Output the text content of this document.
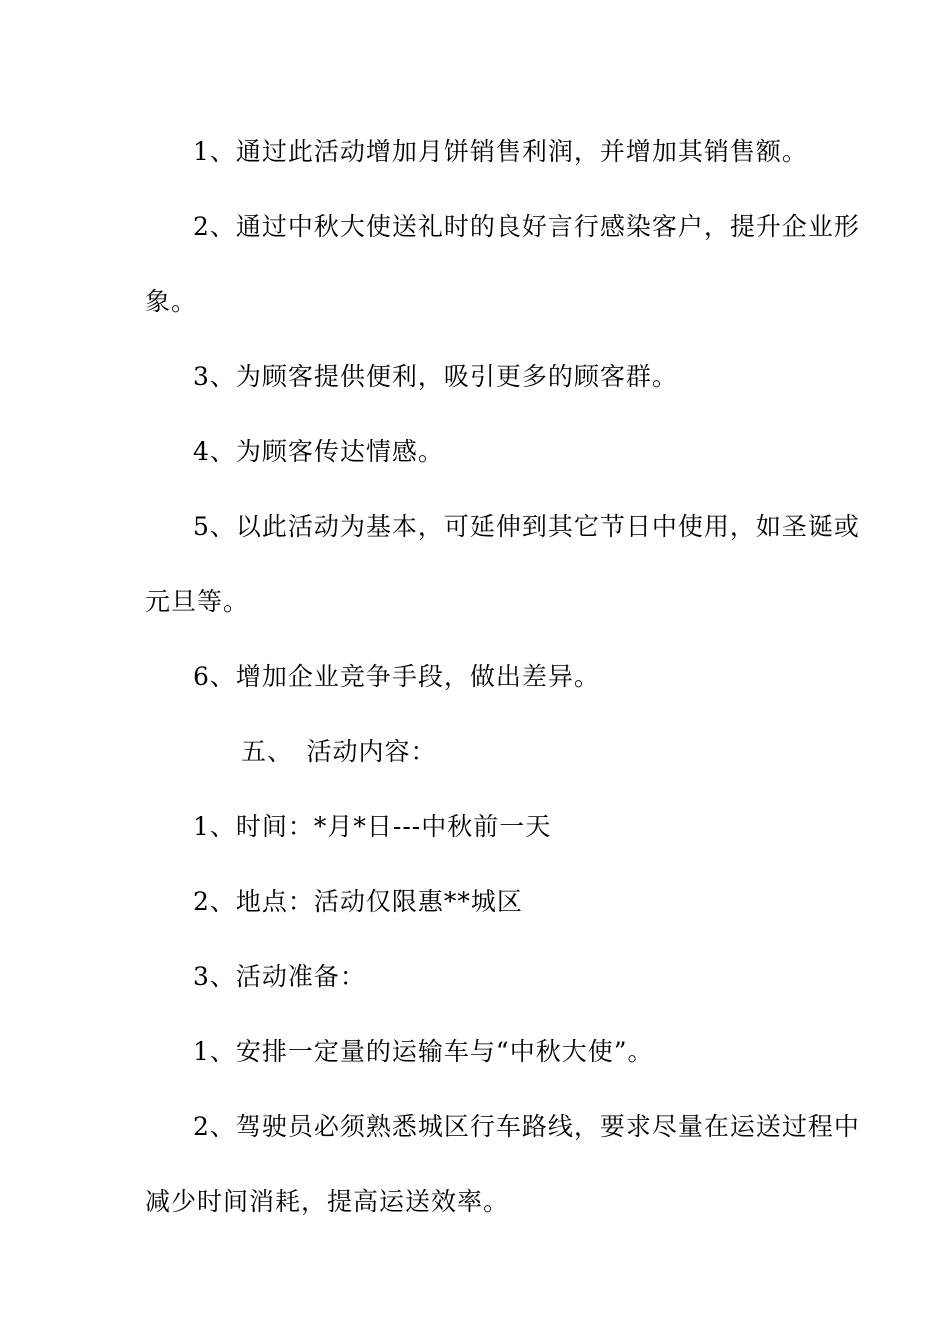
1、通过此活动增加月饼销售利润，并增加其销售额。
2、通过中秋大使送礼时的良好言行感染客户，提升企业形
象。
3、为顾客提供便利，吸引更多的顾客群。
4、为顾客传达情感。
5、以此活动为基本，可延伸到其它节日中使用，如圣诞或
元旦等。
6、增加企业竞争手段，做出差异。
五、　活动内容：
1、时间：*月*日---中秋前一天
2、地点：活动仅限惠**城区
3、活动准备：
1、安排一定量的运输车与“中秋大使”。
2、驾驶员必须熟悉城区行车路线，要求尽量在运送过程中
减少时间消耗，提高运送效率。
